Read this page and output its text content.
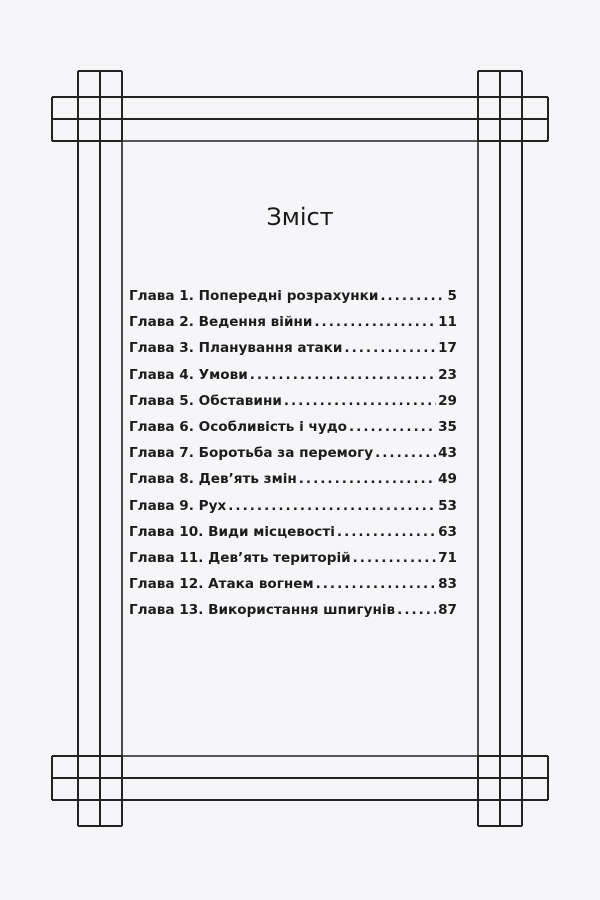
Зміст
Глава 1. Попередні розрахунки .....	5
Глава 2. Ведення війни .....	11
Глава 3. Планування атаки .....	17
Глава 4. Умови .....	23
Глава 5. Обставини .....	29
Глава 6. Особливість і чудо .....	35
Глава 7. Боротьба за перемогу .....	43
Глава 8. Дев’ять змін .....	49
Глава 9. Рух .....	53
Глава 10. Види місцевості .....	63
Глава 11. Дев’ять територій .....	71
Глава 12. Атака вогнем .....	83
Глава 13. Використання шпигунів .....	87
